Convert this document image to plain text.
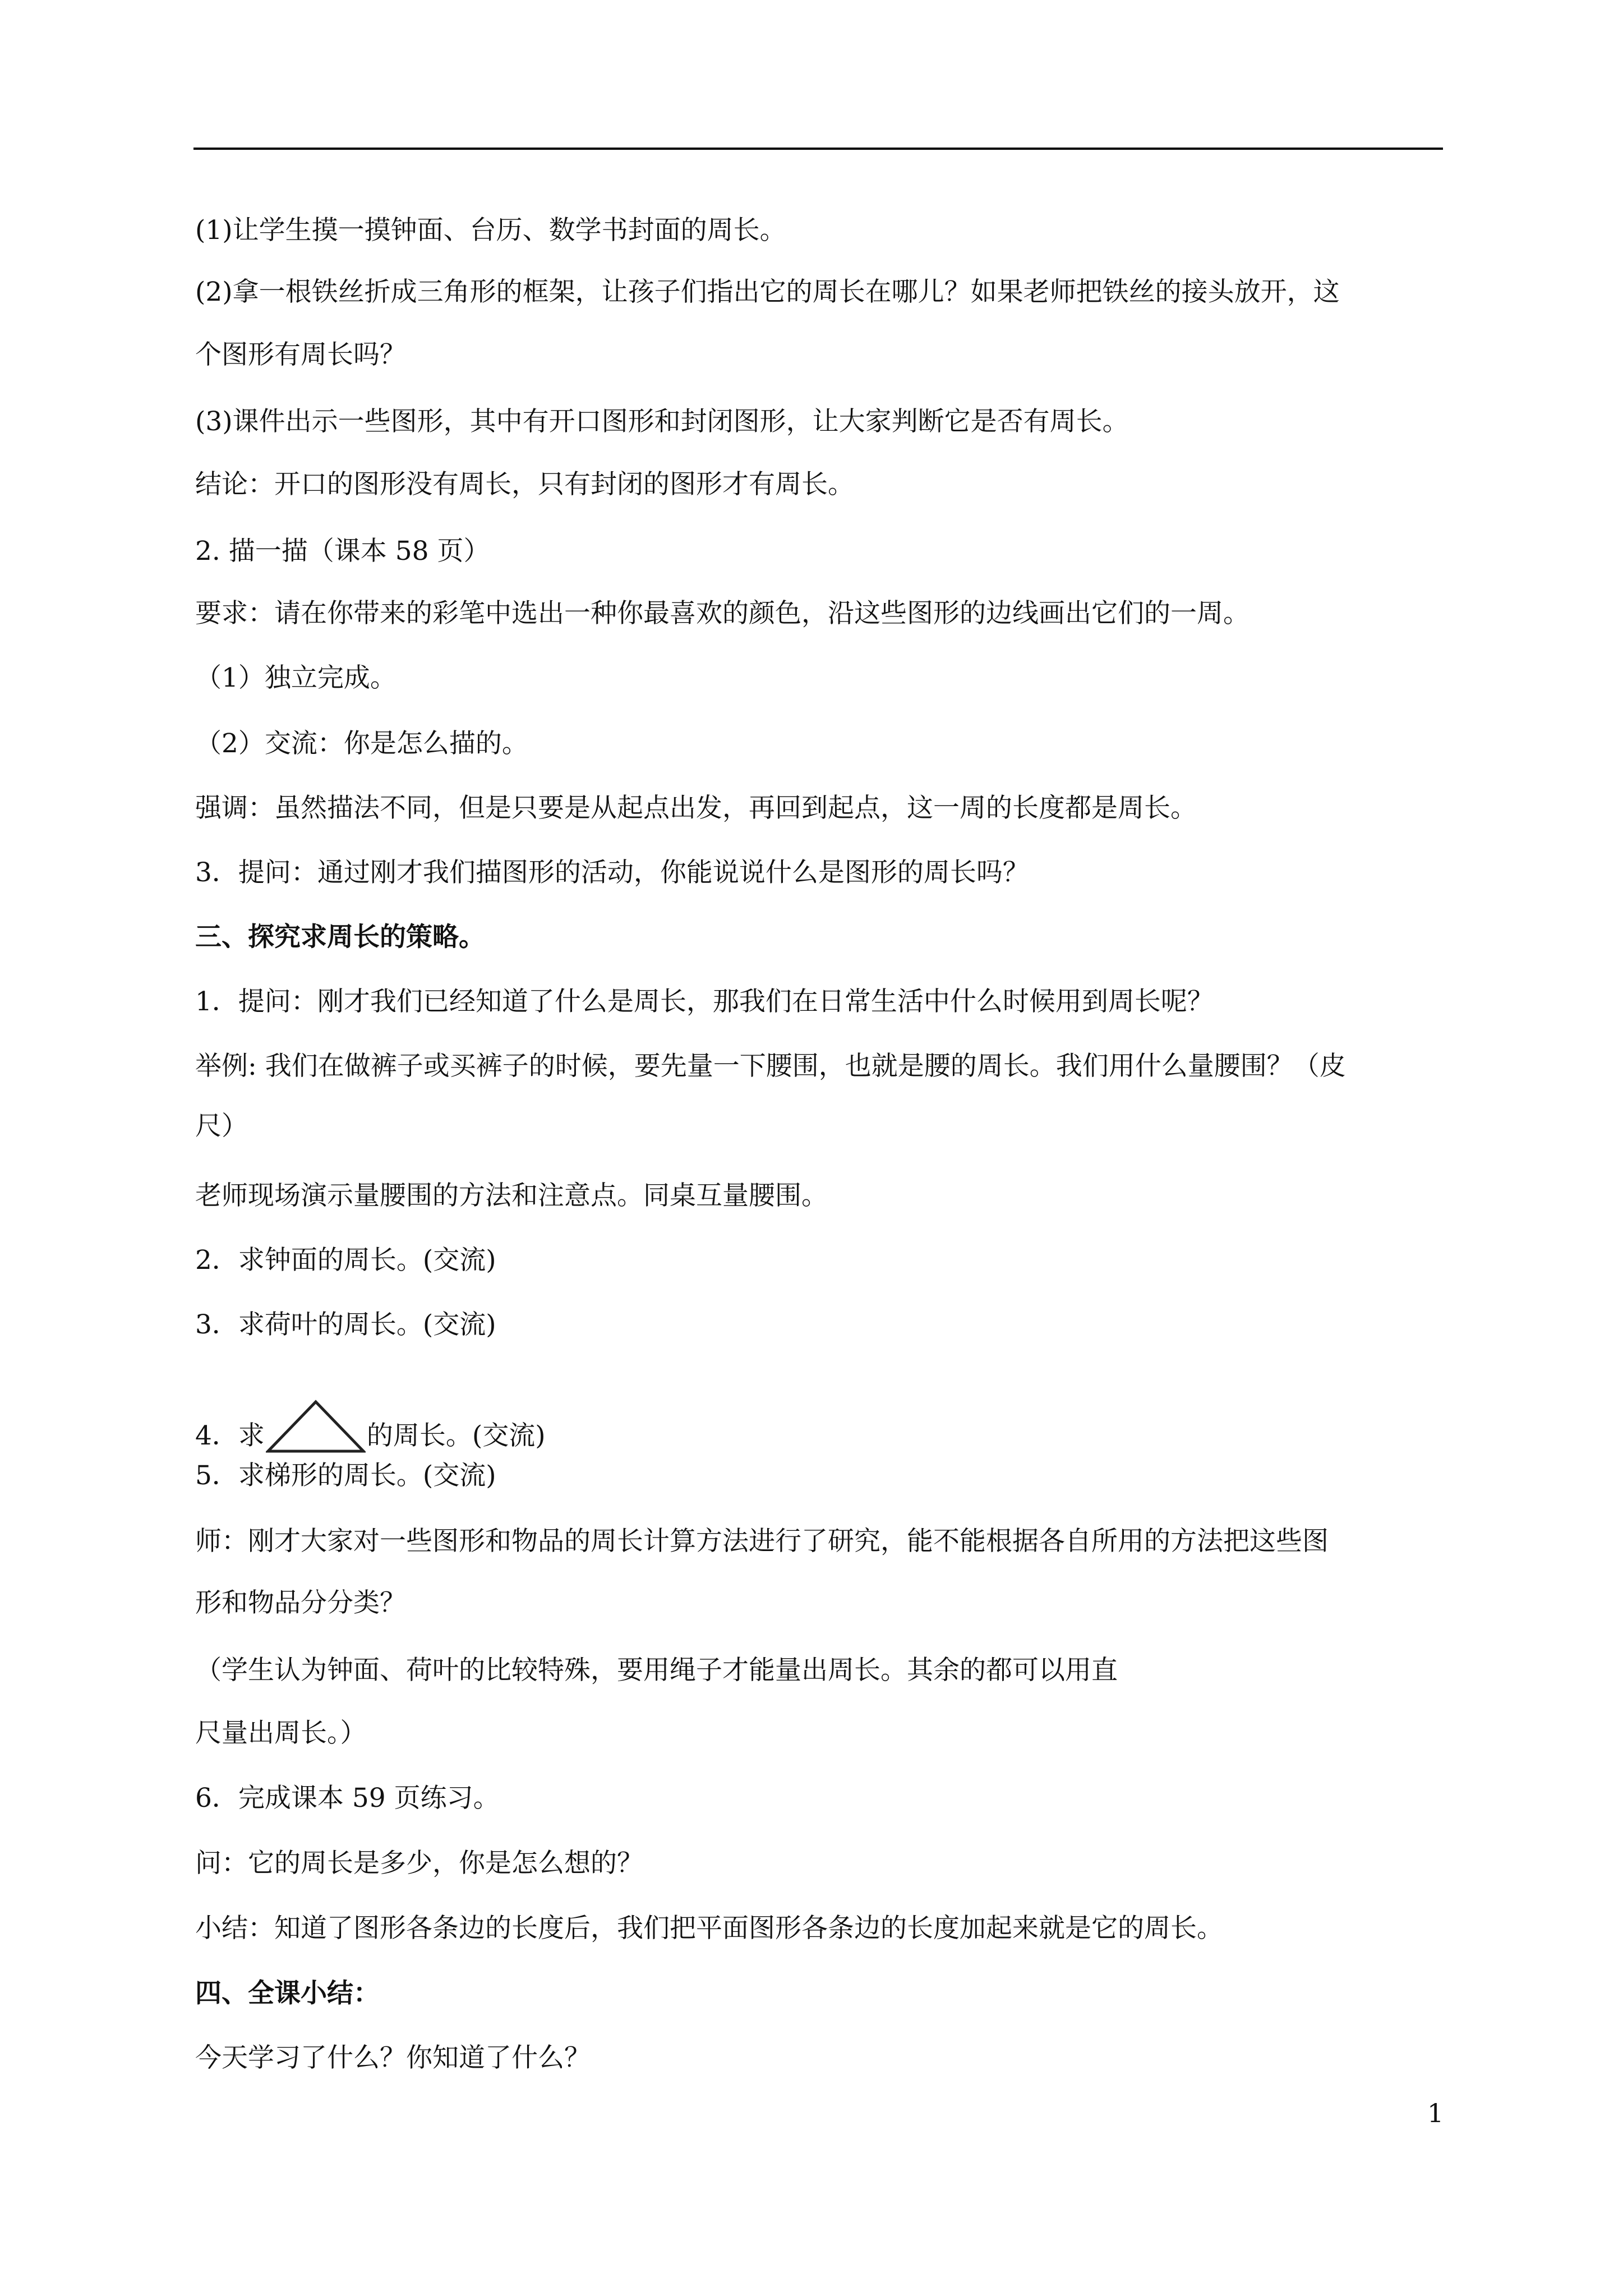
(1)让学生摸一摸钟面、台历、数学书封面的周长。
(2)拿一根铁丝折成三角形的框架，让孩子们指出它的周长在哪儿？如果老师把铁丝的接头放开，这
个图形有周长吗？
(3)课件出示一些图形，其中有开口图形和封闭图形，让大家判断它是否有周长。
结论：开口的图形没有周长，只有封闭的图形才有周长。
2. 描一描（课本 58 页）
要求：请在你带来的彩笔中选出一种你最喜欢的颜色，沿这些图形的边线画出它们的一周。
（1）独立完成。
（2）交流：你是怎么描的。
强调：虽然描法不同，但是只要是从起点出发，再回到起点，这一周的长度都是周长。
3．提问：通过刚才我们描图形的活动，你能说说什么是图形的周长吗？
三、探究求周长的策略。
1．提问：刚才我们已经知道了什么是周长，那我们在日常生活中什么时候用到周长呢？
举例: 我们在做裤子或买裤子的时候，要先量一下腰围，也就是腰的周长。我们用什么量腰围？（皮
尺）
老师现场演示量腰围的方法和注意点。同桌互量腰围。
2．求钟面的周长。(交流)
3．求荷叶的周长。(交流)
4．求	的周长。(交流)
5．求梯形的周长。(交流)
师：刚才大家对一些图形和物品的周长计算方法进行了研究，能不能根据各自所用的方法把这些图
形和物品分分类？
（学生认为钟面、荷叶的比较特殊，要用绳子才能量出周长。其余的都可以用直
尺量出周长。）
6．完成课本 59 页练习。
问：它的周长是多少，你是怎么想的？
小结：知道了图形各条边的长度后，我们把平面图形各条边的长度加起来就是它的周长。
四、全课小结：
今天学习了什么？你知道了什么？
1
